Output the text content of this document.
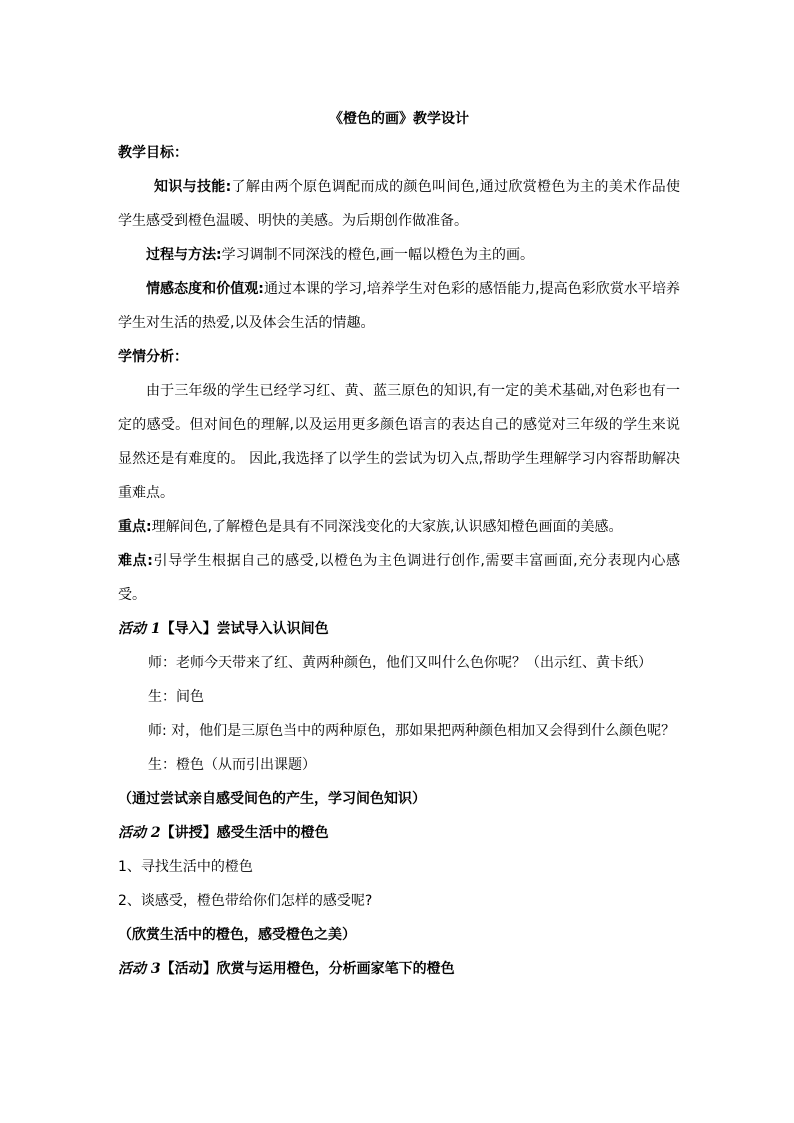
《橙色的画》教学设计

教学目标：

知识与技能:了解由两个原色调配而成的颜色叫间色,通过欣赏橙色为主的美术作品使学生感受到橙色温暖、明快的美感。为后期创作做准备。

过程与方法:学习调制不同深浅的橙色,画一幅以橙色为主的画。

情感态度和价值观:通过本课的学习,培养学生对色彩的感悟能力,提高色彩欣赏水平培养学生对生活的热爱,以及体会生活的情趣。

学情分析：

由于三年级的学生已经学习红、黄、蓝三原色的知识,有一定的美术基础,对色彩也有一定的感受。但对间色的理解,以及运用更多颜色语言的表达自己的感觉对三年级的学生来说显然还是有难度的。 因此,我选择了以学生的尝试为切入点,帮助学生理解学习内容帮助解决重难点。

重点:理解间色,了解橙色是具有不同深浅变化的大家族,认识感知橙色画面的美感。

难点:引导学生根据自己的感受,以橙色为主色调进行创作,需要丰富画面,充分表现内心感受。

活动 1【导入】尝试导入认识间色

师：老师今天带来了红、黄两种颜色，他们又叫什么色你呢？（出示红、黄卡纸）

生：间色

师: 对，他们是三原色当中的两种原色，那如果把两种颜色相加又会得到什么颜色呢？

生：橙色（从而引出课题）

（通过尝试亲自感受间色的产生，学习间色知识）

活动 2【讲授】感受生活中的橙色

1、寻找生活中的橙色

2、谈感受，橙色带给你们怎样的感受呢?

（欣赏生活中的橙色，感受橙色之美）

活动 3【活动】欣赏与运用橙色，分析画家笔下的橙色
